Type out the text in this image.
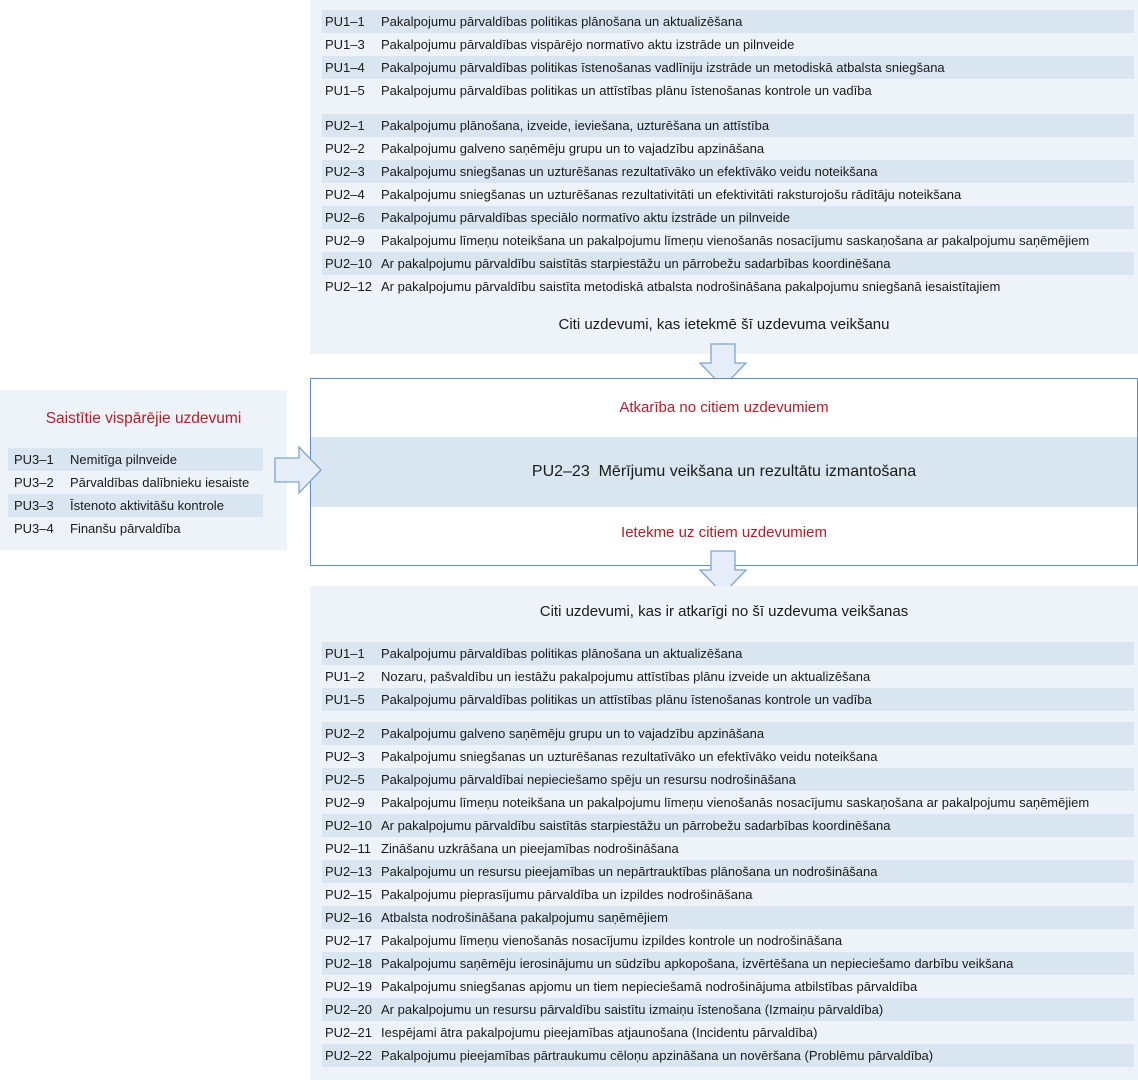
PU1–1	Pakalpojumu pārvaldības politikas plānošana un aktualizēšana
PU1–3	Pakalpojumu pārvaldības vispārējo normatīvo aktu izstrāde un pilnveide
PU1–4	Pakalpojumu pārvaldības politikas īstenošanas vadlīniju izstrāde un metodiskā atbalsta sniegšana
PU1–5	Pakalpojumu pārvaldības politikas un attīstības plānu īstenošanas kontrole un vadība
PU2–1	Pakalpojumu plānošana, izveide, ieviešana, uzturēšana un attīstība
PU2–2	Pakalpojumu galveno saņēmēju grupu un to vajadzību apzināšana
PU2–3	Pakalpojumu sniegšanas un uzturēšanas rezultatīvāko un efektīvāko veidu noteikšana
PU2–4	Pakalpojumu sniegšanas un uzturēšanas rezultativitāti un efektivitāti raksturojošu rādītāju noteikšana
PU2–6	Pakalpojumu pārvaldības speciālo normatīvo aktu izstrāde un pilnveide
PU2–9	Pakalpojumu līmeņu noteikšana un pakalpojumu līmeņu vienošanās nosacījumu saskaņošana ar pakalpojumu saņēmējiem
PU2–10 Ar pakalpojumu pārvaldību saistītās starpiestāžu un pārrobežu sadarbības koordinēšana
PU2–12 Ar pakalpojumu pārvaldību saistīta metodiskā atbalsta nodrošināšana pakalpojumu sniegšanā iesaistītajiem
Citi uzdevumi, kas ietekmē šī uzdevuma veikšanu
Atkarība no citiem uzdevumiem
PU2–23  Mērījumu veikšana un rezultātu izmantošana
Ietekme uz citiem uzdevumiem
Saistītie vispārējie uzdevumi
PU3–1	Nemitīga pilnveide
PU3–2	Pārvaldības dalībnieku iesaiste
PU3–3	Īstenoto aktivitāšu kontrole
PU3–4	Finanšu pārvaldība
Citi uzdevumi, kas ir atkarīgi no šī uzdevuma veikšanas
PU1–1	Pakalpojumu pārvaldības politikas plānošana un aktualizēšana
PU1–2	Nozaru, pašvaldību un iestāžu pakalpojumu attīstības plānu izveide un aktualizēšana
PU1–5	Pakalpojumu pārvaldības politikas un attīstības plānu īstenošanas kontrole un vadība
PU2–2	Pakalpojumu galveno saņēmēju grupu un to vajadzību apzināšana
PU2–3	Pakalpojumu sniegšanas un uzturēšanas rezultatīvāko un efektīvāko veidu noteikšana
PU2–5	Pakalpojumu pārvaldībai nepieciešamo spēju un resursu nodrošināšana
PU2–9	Pakalpojumu līmeņu noteikšana un pakalpojumu līmeņu vienošanās nosacījumu saskaņošana ar pakalpojumu saņēmējiem
PU2–10 Ar pakalpojumu pārvaldību saistītās starpiestāžu un pārrobežu sadarbības koordinēšana
PU2–11 Zināšanu uzkrāšana un pieejamības nodrošināšana
PU2–13 Pakalpojumu un resursu pieejamības un nepārtrauktības plānošana un nodrošināšana
PU2–15 Pakalpojumu pieprasījumu pārvaldība un izpildes nodrošināšana
PU2–16 Atbalsta nodrošināšana pakalpojumu saņēmējiem
PU2–17 Pakalpojumu līmeņu vienošanās nosacījumu izpildes kontrole un nodrošināšana
PU2–18 Pakalpojumu saņēmēju ierosinājumu un sūdzību apkopošana, izvērtēšana un nepieciešamo darbību veikšana
PU2–19 Pakalpojumu sniegšanas apjomu un tiem nepieciešamā nodrošinājuma atbilstības pārvaldība
PU2–20 Ar pakalpojumu un resursu pārvaldību saistītu izmaiņu īstenošana (Izmaiņu pārvaldība)
PU2–21 Iespējami ātra pakalpojumu pieejamības atjaunošana (Incidentu pārvaldība)
PU2–22 Pakalpojumu pieejamības pārtraukumu cēloņu apzināšana un novēršana (Problēmu pārvaldība)
